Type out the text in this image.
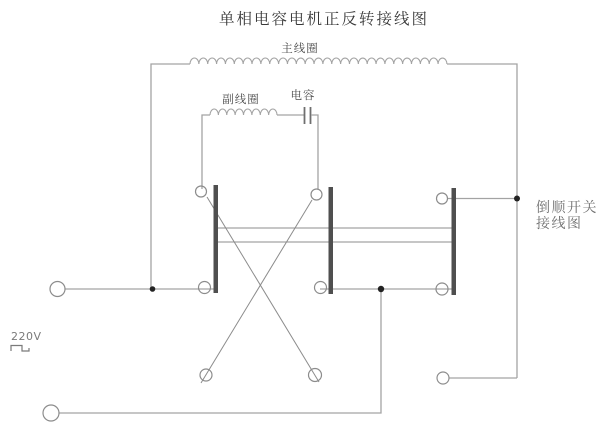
单相电容电机正反转接线图
主线圈
副线圈	电容
倒顺开关
接线图
220V
